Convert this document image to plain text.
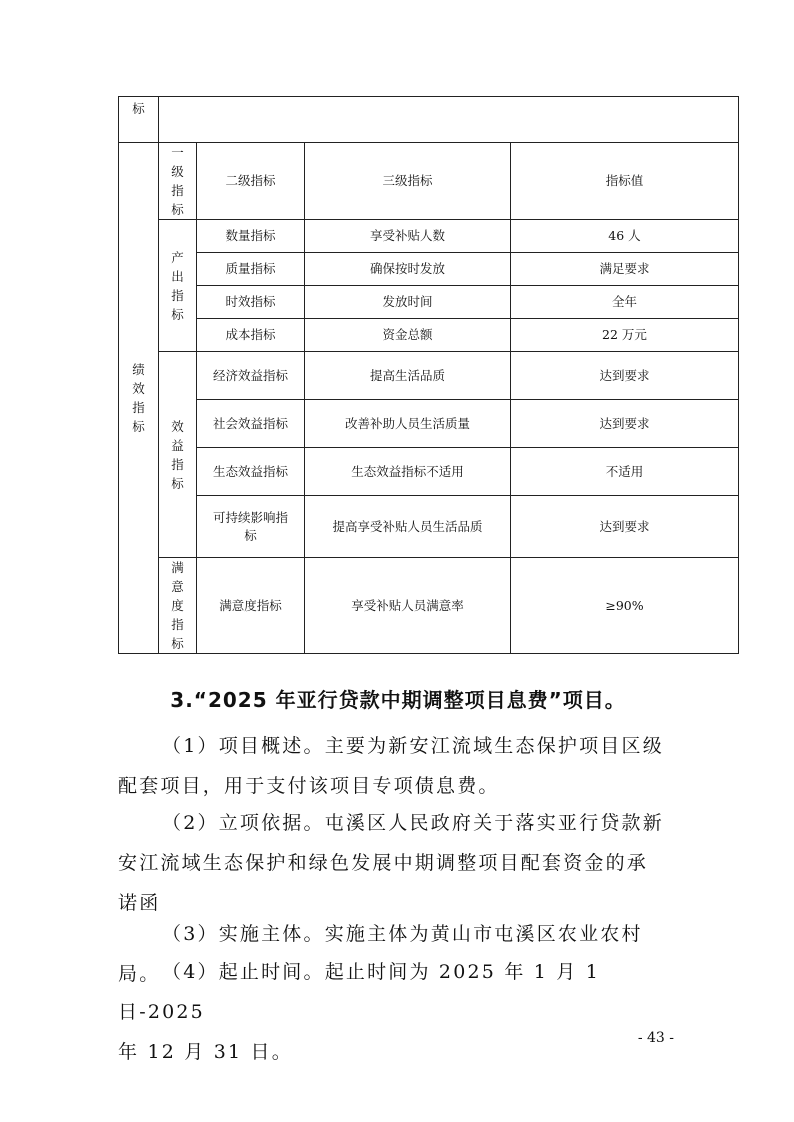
标				
绩效指标	一级指标	二级指标	三级指标	指标值
	产出指标	数量指标	享受补贴人数	46 人
		质量指标	确保按时发放	满足要求
		时效指标	发放时间	全年
		成本指标	资金总额	22 万元
	效益指标	经济效益指标	提高生活品质	达到要求
		社会效益指标	改善补助人员生活质量	达到要求
		生态效益指标	生态效益指标不适用	不适用
		可持续影响指标	提高享受补贴人员生活品质	达到要求
	满意度指标	满意度指标	享受补贴人员满意率	≥90%
3.“2025 年亚行贷款中期调整项目息费”项目。

（1）项目概述。主要为新安江流域生态保护项目区级
配套项目，用于支付该项目专项债息费。

（2）立项依据。屯溪区人民政府关于落实亚行贷款新
安江流域生态保护和绿色发展中期调整项目配套资金的承
诺函

（3）实施主体。实施主体为黄山市屯溪区农业农村局。 （4）起止时间。起止时间为 2025 年 1 月 1 日-2025
年 12 月 31 日。

- 43 -
